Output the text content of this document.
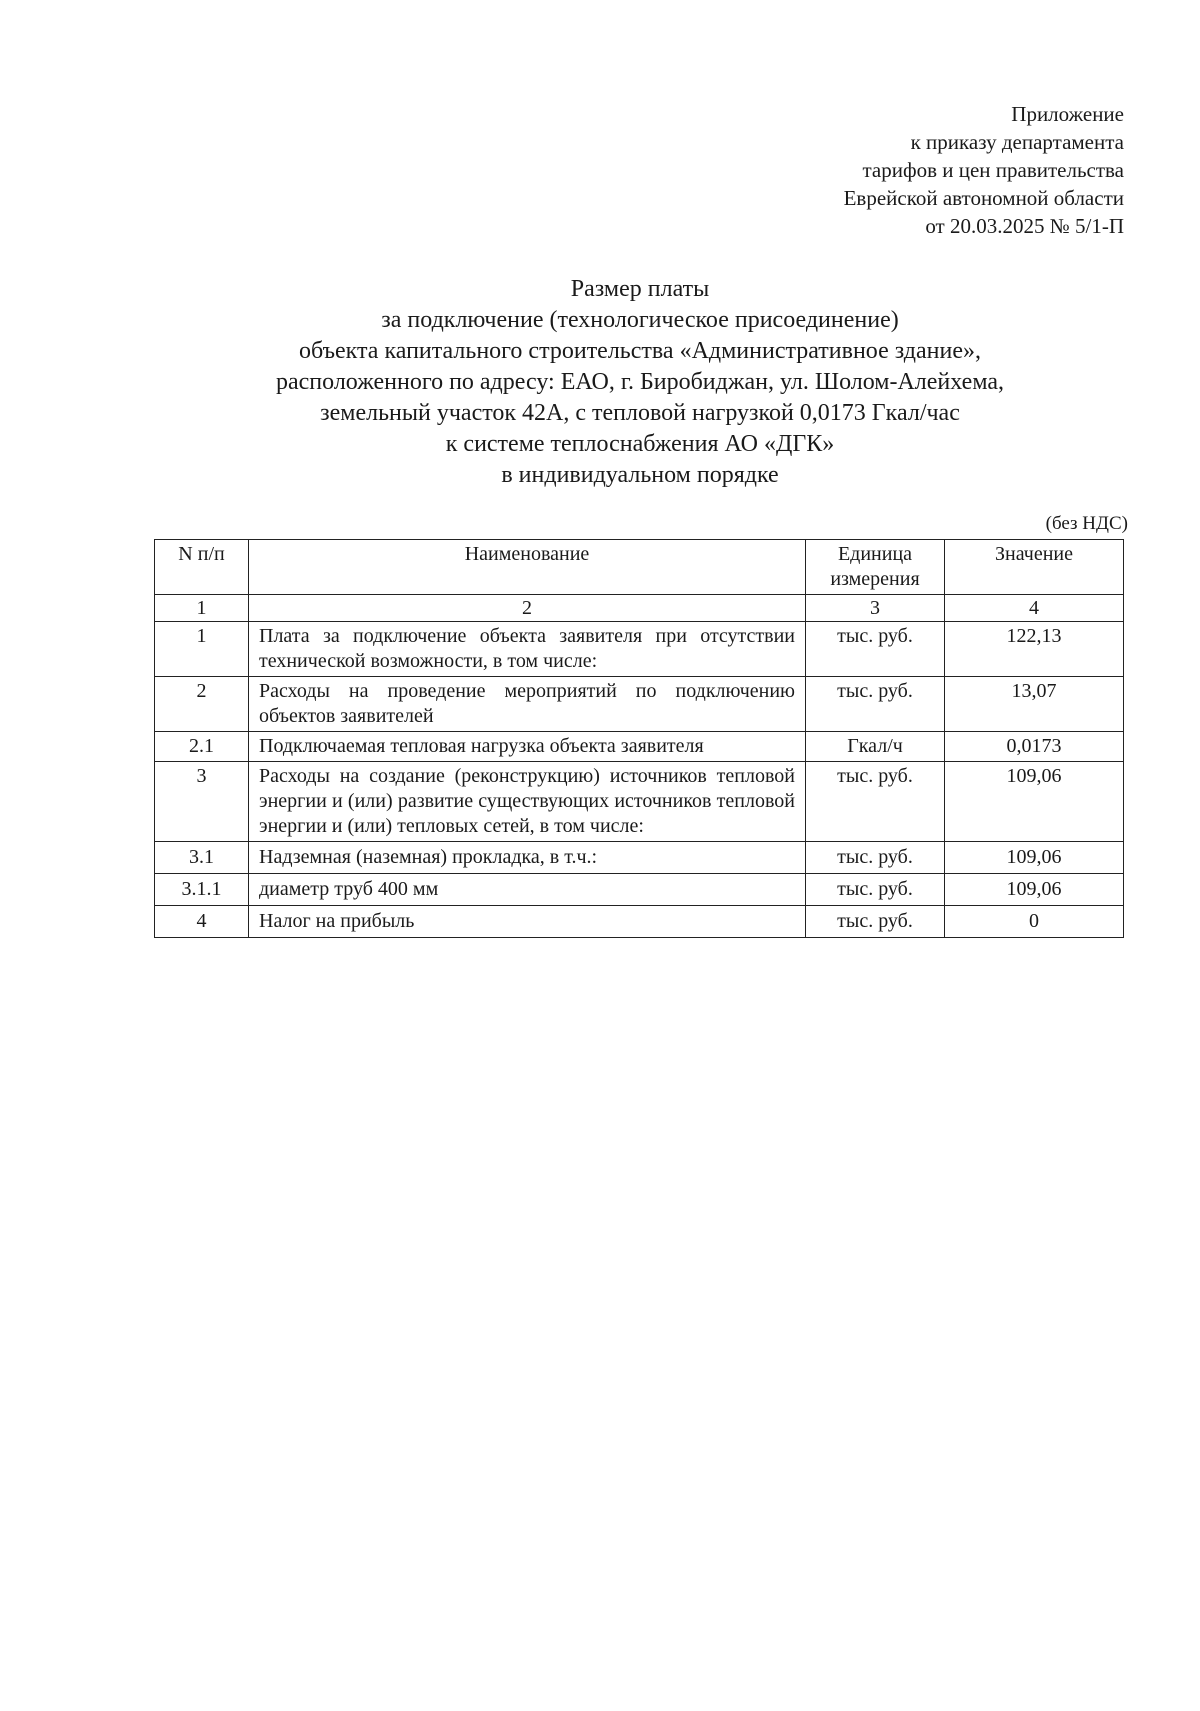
Приложение
к приказу департамента
тарифов и цен правительства
Еврейской автономной области
от 20.03.2025 № 5/1-П
Размер платы
за подключение (технологическое присоединение)
объекта капитального строительства «Административное здание»,
расположенного по адресу: ЕАО, г. Биробиджан, ул. Шолом-Алейхема,
земельный участок 42А, с тепловой нагрузкой 0,0173 Гкал/час
к системе теплоснабжения АО «ДГК»
в индивидуальном порядке
(без НДС)
N п/п	Наименование	Единица измерения	Значение
1	2	3	4
1	Плата за подключение объекта заявителя при отсутствии технической возможности, в том числе:	тыс. руб.	122,13
2	Расходы на проведение мероприятий по подключению объектов заявителей	тыс. руб.	13,07
2.1	Подключаемая тепловая нагрузка объекта заявителя	Гкал/ч	0,0173
3	Расходы на создание (реконструкцию) источников тепловой энергии и (или) развитие существующих источников тепловой энергии и (или) тепловых сетей, в том числе:	тыс. руб.	109,06
3.1	Надземная (наземная) прокладка, в т.ч.:	тыс. руб.	109,06
3.1.1	диаметр труб 400 мм	тыс. руб.	109,06
4	Налог на прибыль	тыс. руб.	0
